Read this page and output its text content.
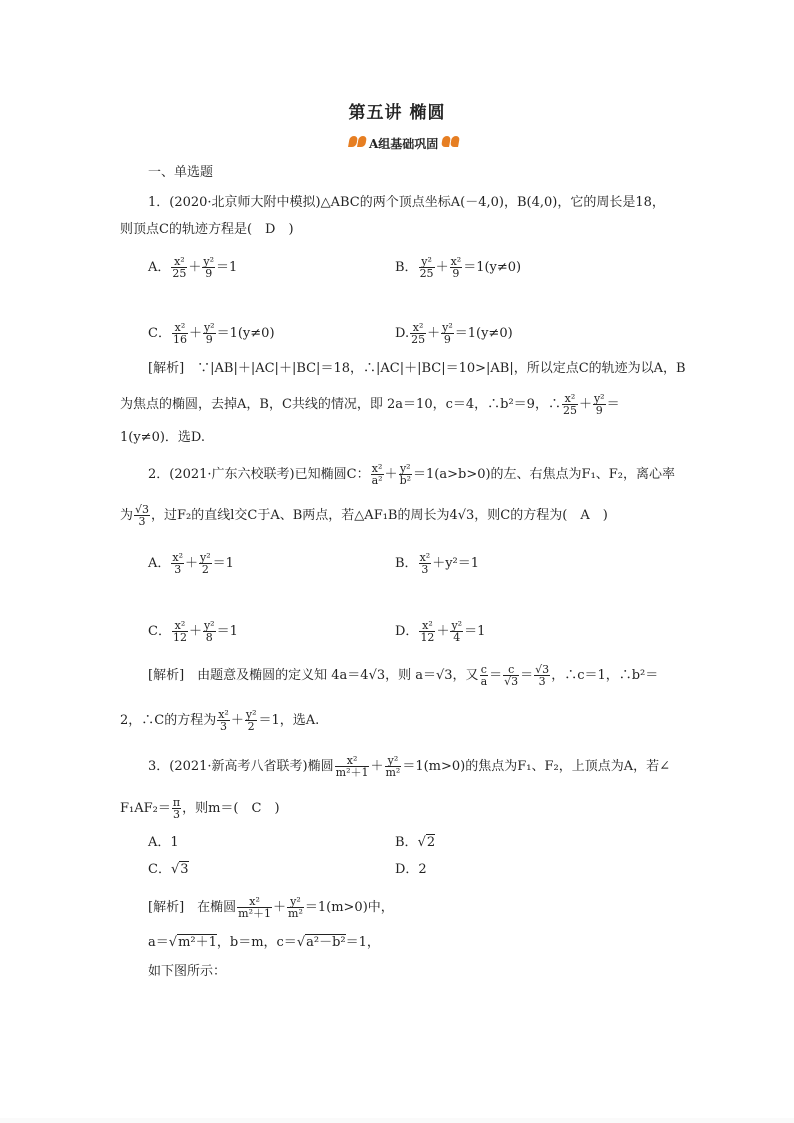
第五讲 椭圆
A组基础巩固
一、单选题
1．(2020·北京师大附中模拟)△ABC的两个顶点坐标A(－4,0)，B(4,0)，它的周长是18，
则顶点C的轨迹方程是(　D　)
A． $\frac{\text{x²}}{25} + \frac{\text{y²}}{9} =1$	B． $\frac{\text{y²}}{25} + \frac{\text{x²}}{9} =1(y\ne 0)$
C． $\frac{\text{x²}}{16} + \frac{\text{y²}}{9} =1(y\ne 0)$	D. $\frac{\text{x²}}{25} + \frac{\text{y²}}{9} =1(y\ne 0)$
[解析]　∵|AB|＋|AC|＋|BC|＝18，∴|AC|＋|BC|＝10>|AB|，所以定点C的轨迹为以A，B
为焦点的椭圆，去掉A，B，C共线的情况，即 2a＝10，c＝4，∴b²＝9，∴ $\frac{\text{x²}}{25} + \frac{\text{y²}}{9}$ ＝
1(y≠0)．选D.
2．(2021·广东六校联考)已知椭圆C： $\frac{\text{x²}}{\text{a²}} + \frac{\text{y²}}{\text{b²}} =1(a>b>0)$的左、右焦点为F₁、F₂，离心率
为 $\frac{√3}{3}$ ，过F₂的直线l交C于A、B两点，若△AF₁B的周长为4√3，则C的方程为(　A　)
A． $\frac{\text{x²}}{3} + \frac{\text{y²}}{2} =1$	B． $\frac{\text{x²}}{3} +y^2=1$
C． $\frac{\text{x²}}{12} + \frac{\text{y²}}{8} =1$	D． $\frac{\text{x²}}{12} + \frac{\text{y²}}{4} =1$
[解析]　由题意及椭圆的定义知 4a＝4√3，则 a＝√3，又 $\frac{c}{a} = \frac{c}{√3} = \frac{√3}{3}$ ，∴c＝1，∴b²＝
2，∴C的方程为 $\frac{\text{x²}}{3} + \frac{\text{y²}}{2} =1$，选A.
3．(2021·新高考八省联考)椭圆 $\frac{\text{x²}}{\text{m²＋1}} + \frac{\text{y²}}{\text{m²}} =1(m>0)$的焦点为F₁、F₂，上顶点为A，若∠
$F_1AF_2= \frac{\pi}{3}$ ，则m＝(　C　)
A．1	B．√2
C．√3	D．2
[解析]　在椭圆 $\frac{\text{x²}}{\text{m²＋1}} + \frac{\text{y²}}{\text{m²}} =1(m>0)$中，
a＝√m²＋1，b＝m，c＝√a²－b²＝1，
如下图所示：
